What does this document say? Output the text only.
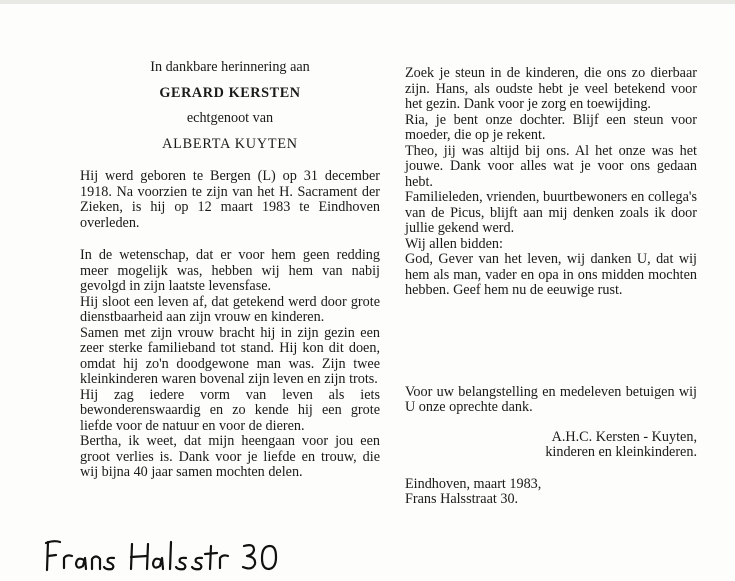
In dankbare herinnering aan
GERARD KERSTEN
echtgenoot van
ALBERTA KUYTEN

Hij werd geboren te Bergen (L) op 31 december 1918. Na voorzien te zijn van het H. Sacrament der Zieken, is hij op 12 maart 1983 te Eindhoven overleden.

In de wetenschap, dat er voor hem geen redding meer mogelijk was, hebben wij hem van nabij gevolgd in zijn laatste levensfase.

Hij sloot een leven af, dat getekend werd door grote dienstbaarheid aan zijn vrouw en kinderen.

Samen met zijn vrouw bracht hij in zijn gezin een zeer sterke familieband tot stand. Hij kon dit doen, omdat hij zo'n doodgewone man was. Zijn twee kleinkinderen waren bovenal zijn leven en zijn trots.

Hij zag iedere vorm van leven als iets bewonderenswaardig en zo kende hij een grote liefde voor de natuur en voor de dieren.

Bertha, ik weet, dat mijn heengaan voor jou een groot verlies is. Dank voor je liefde en trouw, die wij bijna 40 jaar samen mochten delen.

Zoek je steun in de kinderen, die ons zo dierbaar zijn. Hans, als oudste hebt je veel betekend voor het gezin. Dank voor je zorg en toewijding.

Ria, je bent onze dochter. Blijf een steun voor moeder, die op je rekent.

Theo, jij was altijd bij ons. Al het onze was het jouwe. Dank voor alles wat je voor ons gedaan hebt.

Familieleden, vrienden, buurtbewoners en collega's van de Picus, blijft aan mij denken zoals ik door jullie gekend werd.

Wij allen bidden:

God, Gever van het leven, wij danken U, dat wij hem als man, vader en opa in ons midden mochten hebben. Geef hem nu de eeuwige rust.

Voor uw belangstelling en medeleven betuigen wij U onze oprechte dank.

A.H.C. Kersten - Kuyten,
kinderen en kleinkinderen.
Eindhoven, maart 1983,
Frans Halsstraat 30.
